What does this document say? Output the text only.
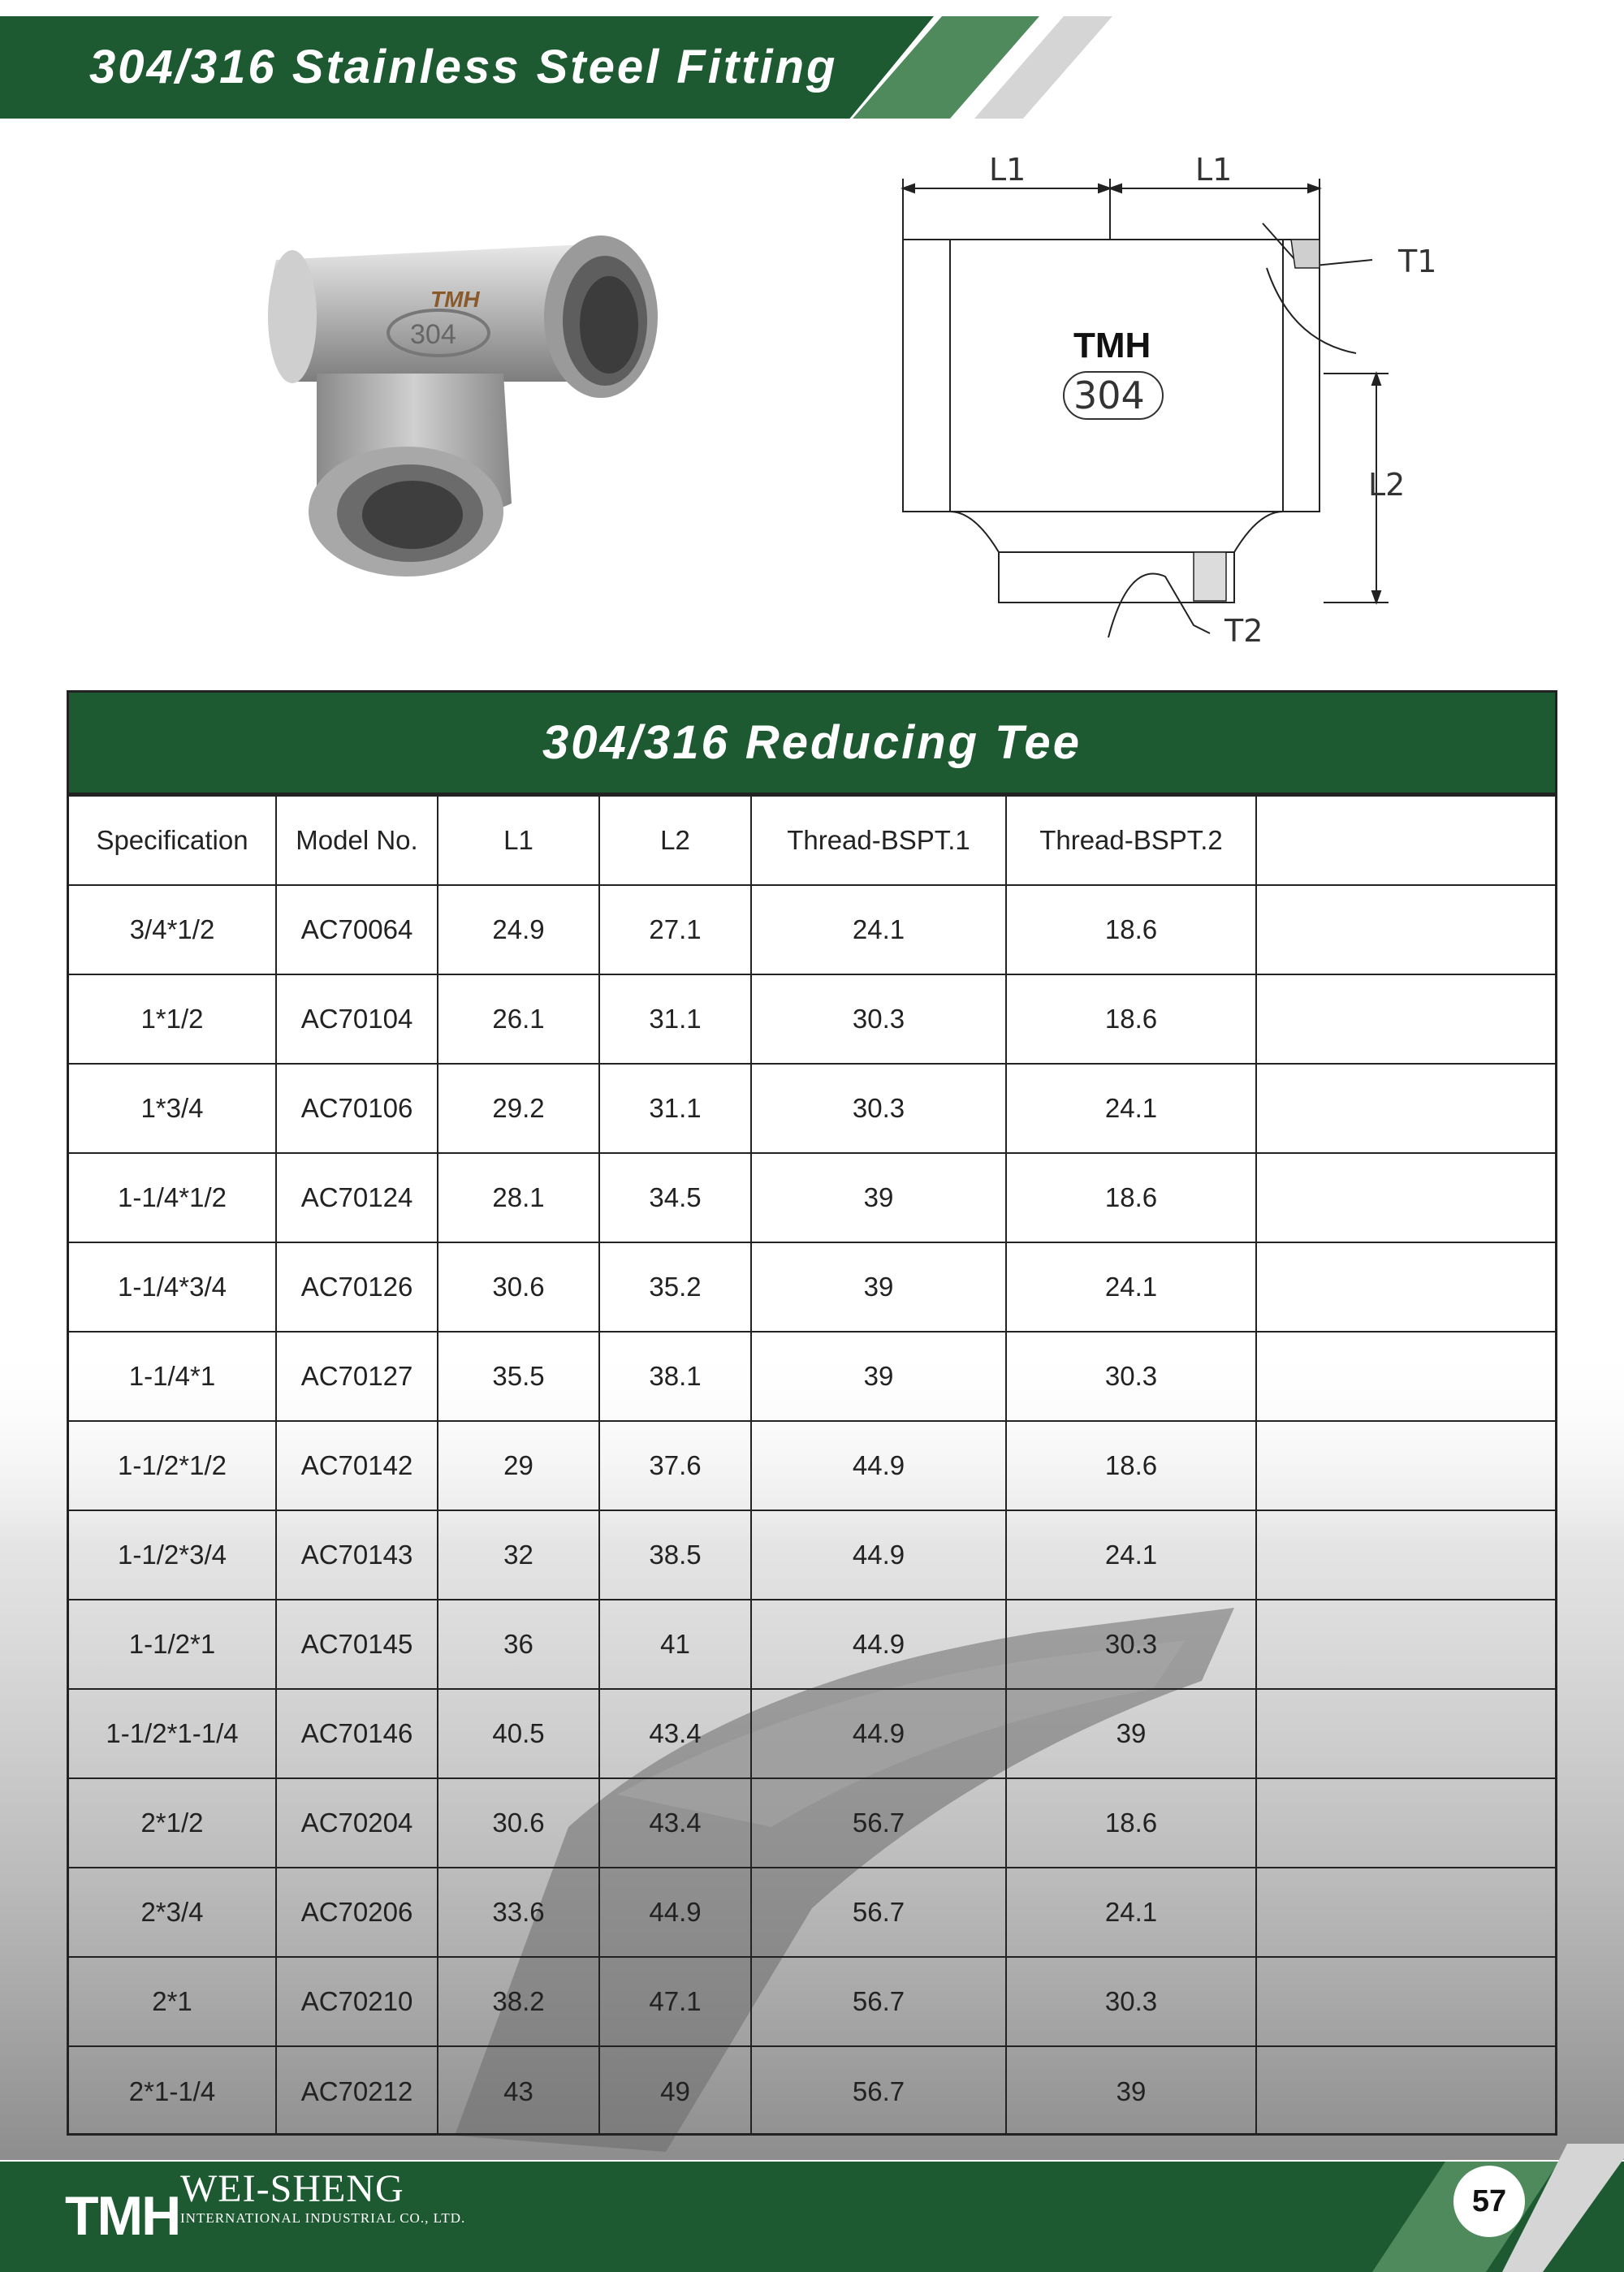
304/316 Stainless Steel Fitting
TMH
304
L1	L1
T1
L2
T2
TMH
304
304/316 Reducing Tee
Specification	Model No.	L1	L2	Thread-BSPT.1	Thread-BSPT.2	
3/4*1/2	AC70064	24.9	27.1	24.1	18.6	
1*1/2	AC70104	26.1	31.1	30.3	18.6	
1*3/4	AC70106	29.2	31.1	30.3	24.1	
1-1/4*1/2	AC70124	28.1	34.5	39	18.6	
1-1/4*3/4	AC70126	30.6	35.2	39	24.1	
1-1/4*1	AC70127	35.5	38.1	39	30.3	
1-1/2*1/2	AC70142	29	37.6	44.9	18.6	
1-1/2*3/4	AC70143	32	38.5	44.9	24.1	
1-1/2*1	AC70145	36	41	44.9	30.3	
1-1/2*1-1/4	AC70146	40.5	43.4	44.9	39	
2*1/2	AC70204	30.6	43.4	56.7	18.6	
2*3/4	AC70206	33.6	44.9	56.7	24.1	
2*1	AC70210	38.2	47.1	56.7	30.3	
2*1-1/4	AC70212	43	49	56.7	39	
TMH WEI-SHENG
INTERNATIONAL INDUSTRIAL CO., LTD.	57
